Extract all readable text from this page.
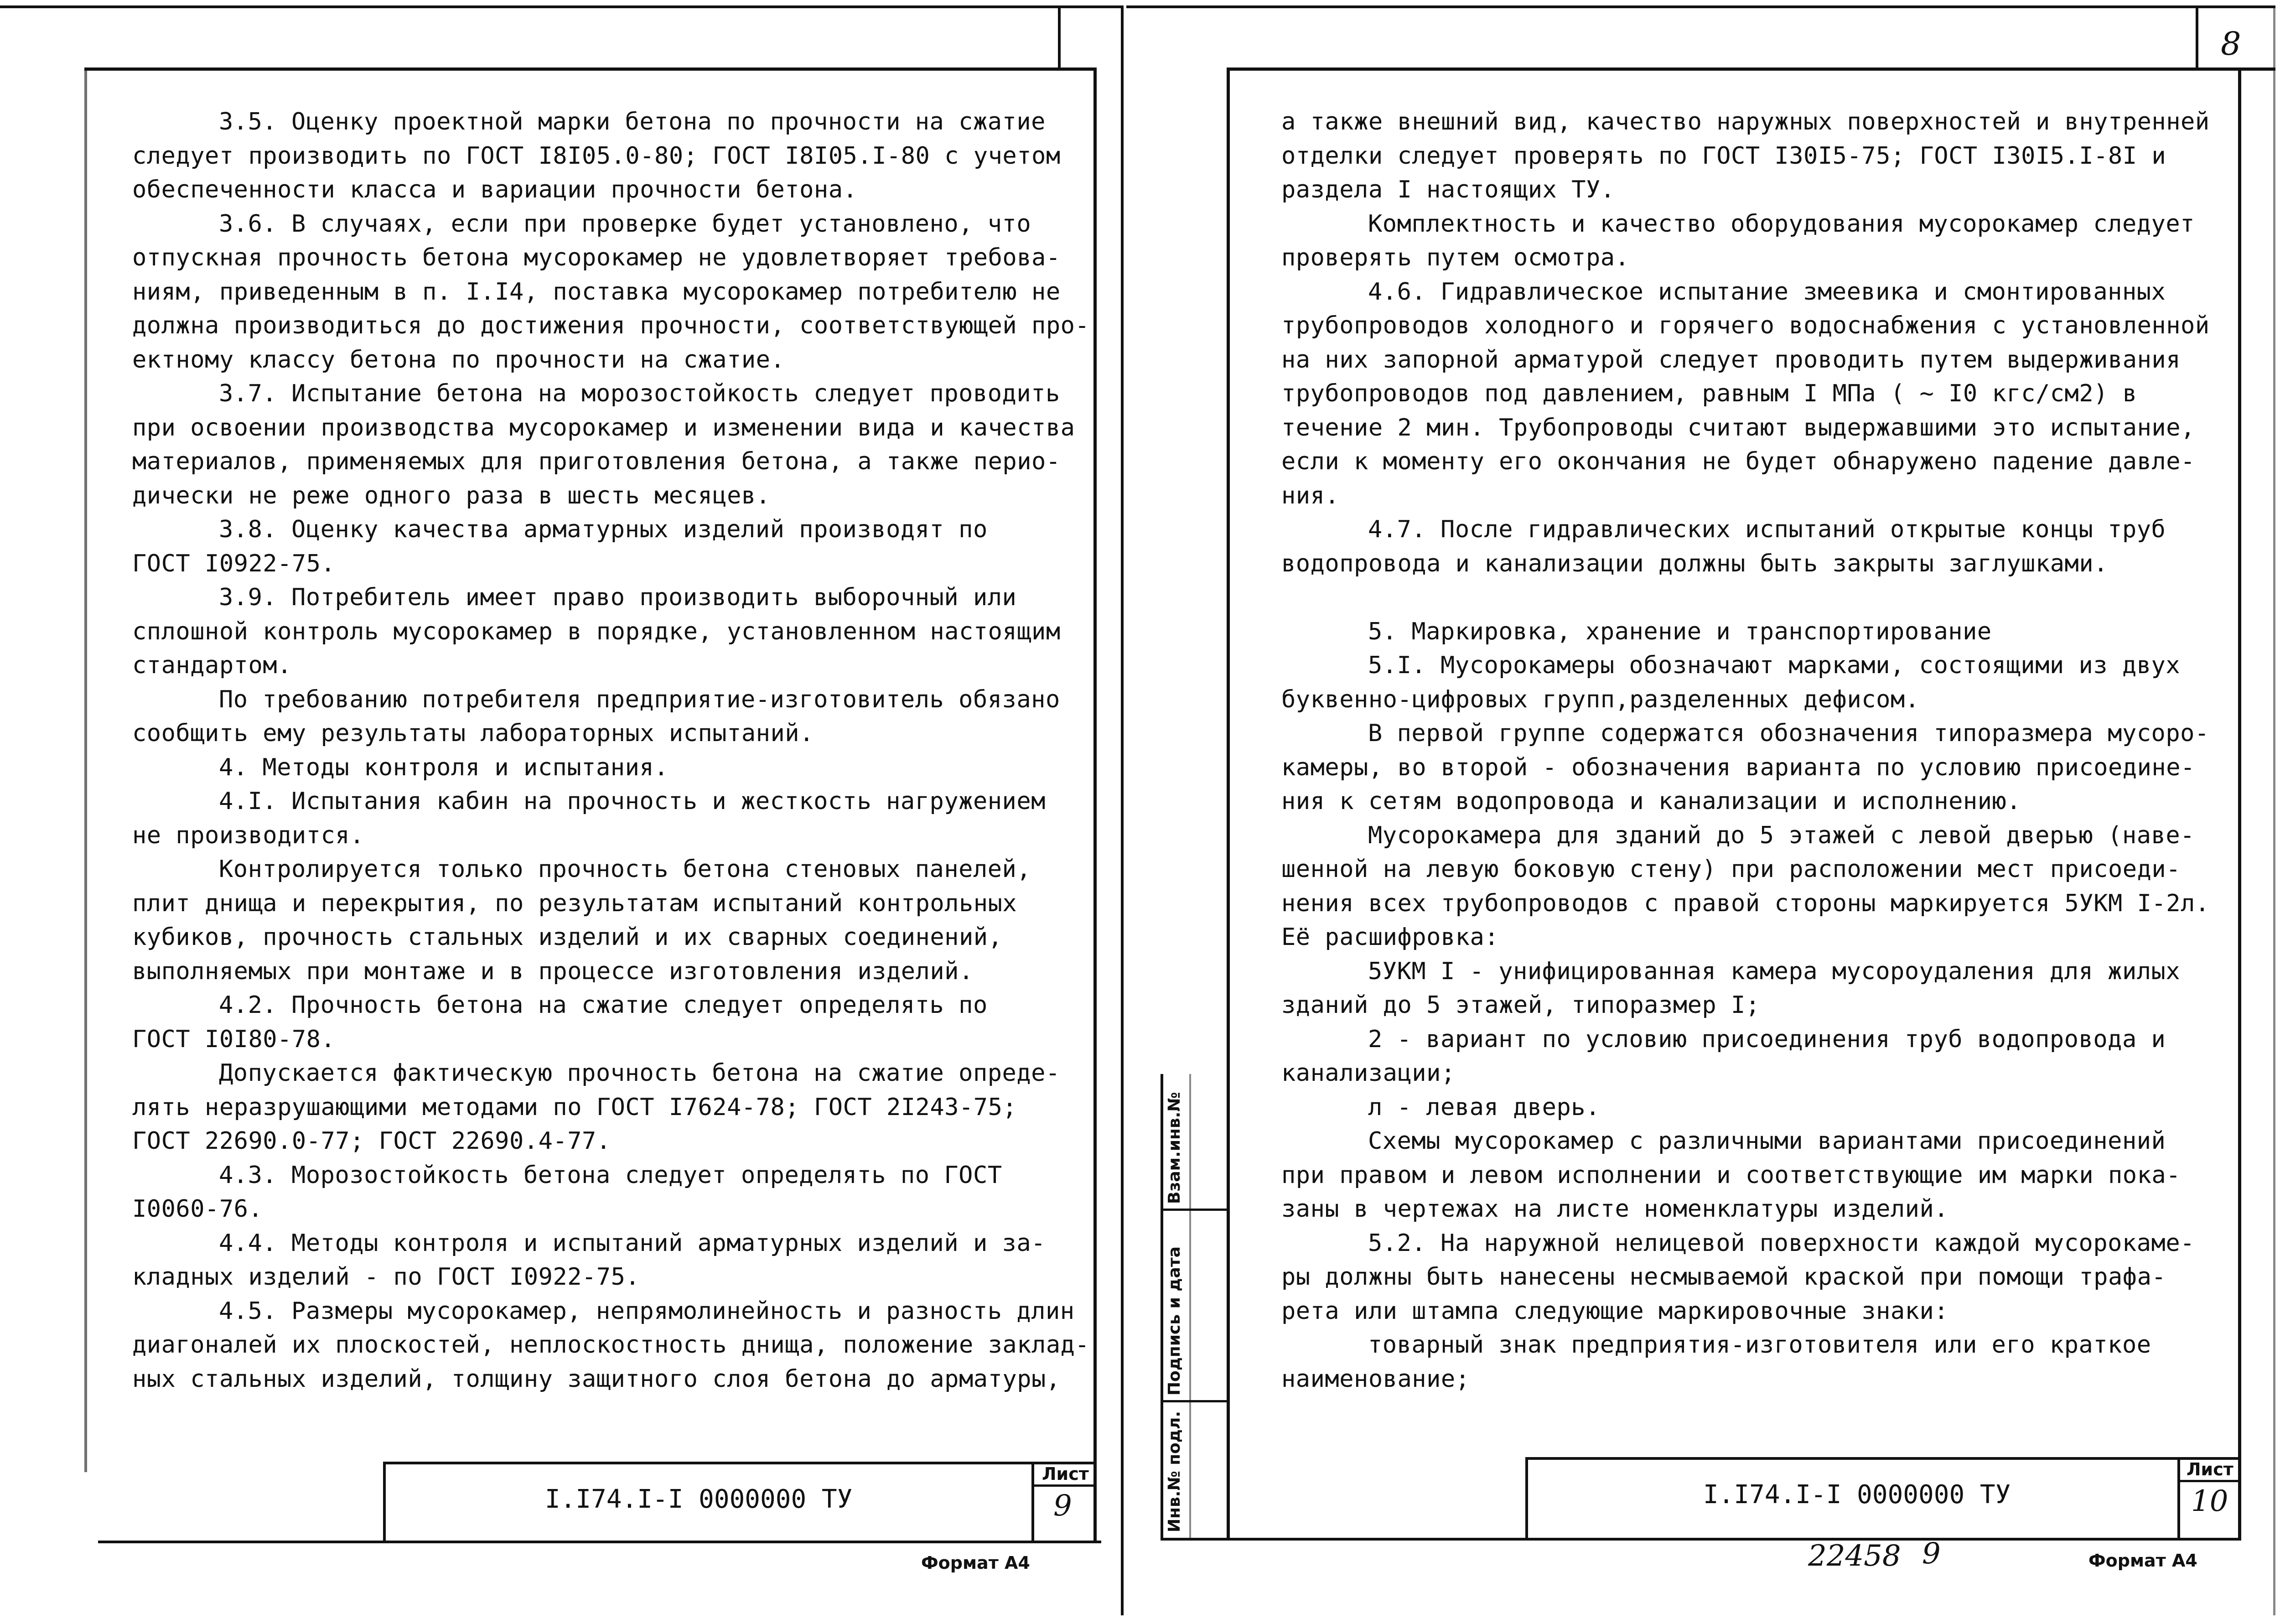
3.5. Оценку проектной марки бетона по прочности на сжатие

следует производить по ГОСТ I8I05.0-80; ГОСТ I8I05.I-80 с учетом

обеспеченности класса и вариации прочности бетона.

3.6. В случаях, если при проверке будет установлено, что

отпускная прочность бетона мусорокамер не удовлетворяет требова-

ниям, приведенным в п. I.I4, поставка мусорокамер потребителю не

должна производиться до достижения прочности, соответствующей про-

ектному классу бетона по прочности на сжатие.

3.7. Испытание бетона на морозостойкость следует проводить

при освоении производства мусорокамер и изменении вида и качества

материалов, применяемых для приготовления бетона, а также перио-

дически не реже одного раза в шесть месяцев.

3.8. Оценку качества арматурных изделий производят по

ГОСТ I0922-75.

3.9. Потребитель имеет право производить выборочный или

сплошной контроль мусорокамер в порядке, установленном настоящим

стандартом.

По требованию потребителя предприятие-изготовитель обязано

сообщить ему результаты лабораторных испытаний.

4. Методы контроля и испытания.

4.I. Испытания кабин на прочность и жесткость нагружением

не производится.

Контролируется только прочность бетона стеновых панелей,

плит днища и перекрытия, по результатам испытаний контрольных

кубиков, прочность стальных изделий и их сварных соединений,

выполняемых при монтаже и в процессе изготовления изделий.

4.2. Прочность бетона на сжатие следует определять по

ГОСТ I0I80-78.

Допускается фактическую прочность бетона на сжатие опреде-

лять неразрушающими методами по ГОСТ I7624-78; ГОСТ 2I243-75;

ГОСТ 22690.0-77; ГОСТ 22690.4-77.

4.3. Морозостойкость бетона следует определять по ГОСТ

I0060-76.

4.4. Методы контроля и испытаний арматурных изделий и за-

кладных изделий - по ГОСТ I0922-75.

4.5. Размеры мусорокамер, непрямолинейность и разность длин

диагоналей их плоскостей, неплоскостность днища, положение заклад-

ных стальных изделий, толщину защитного слоя бетона до арматуры,

I.I74.I-I 0000000 ТУ
Лист
9
Формат А4

а также внешний вид, качество наружных поверхностей и внутренней

отделки следует проверять по ГОСТ I30I5-75; ГОСТ I30I5.I-8I и

раздела I настоящих ТУ.

Комплектность и качество оборудования мусорокамер следует

проверять путем осмотра.

4.6. Гидравлическое испытание змеевика и смонтированных

трубопроводов холодного и горячего водоснабжения с установленной

на них запорной арматурой следует проводить путем выдерживания

трубопроводов под давлением, равным I МПа ( ~ I0 кгс/см2) в

течение 2 мин. Трубопроводы считают выдержавшими это испытание,

если к моменту его окончания не будет обнаружено падение давле-

ния.

4.7. После гидравлических испытаний открытые концы труб

водопровода и канализации должны быть закрыты заглушками.

5. Маркировка, хранение и транспортирование

5.I. Мусорокамеры обозначают марками, состоящими из двух

буквенно-цифровых групп,разделенных дефисом.

В первой группе содержатся обозначения типоразмера мусоро-

камеры, во второй - обозначения варианта по условию присоедине-

ния к сетям водопровода и канализации и исполнению.

Мусорокамера для зданий до 5 этажей с левой дверью (наве-

шенной на левую боковую стену) при расположении мест присоеди-

нения всех трубопроводов с правой стороны маркируется 5УКМ I-2л.

Её расшифровка:

5УКМ I - унифицированная камера мусороудаления для жилых

зданий до 5 этажей, типоразмер I;

2 - вариант по условию присоединения труб водопровода и

канализации;

л - левая дверь.

Схемы мусорокамер с различными вариантами присоединений

при правом и левом исполнении и соответствующие им марки пока-

заны в чертежах на листе номенклатуры изделий.

5.2. На наружной нелицевой поверхности каждой мусорокаме-

ры должны быть нанесены несмываемой краской при помощи трафа-

рета или штампа следующие маркировочные знаки:

товарный знак предприятия-изготовителя или его краткое

наименование;

8
I.I74.I-I 0000000 ТУ
Лист
10
22458 9	Формат А4
Инв.№ подл.
Подпись и дата
Взам.инв.№
